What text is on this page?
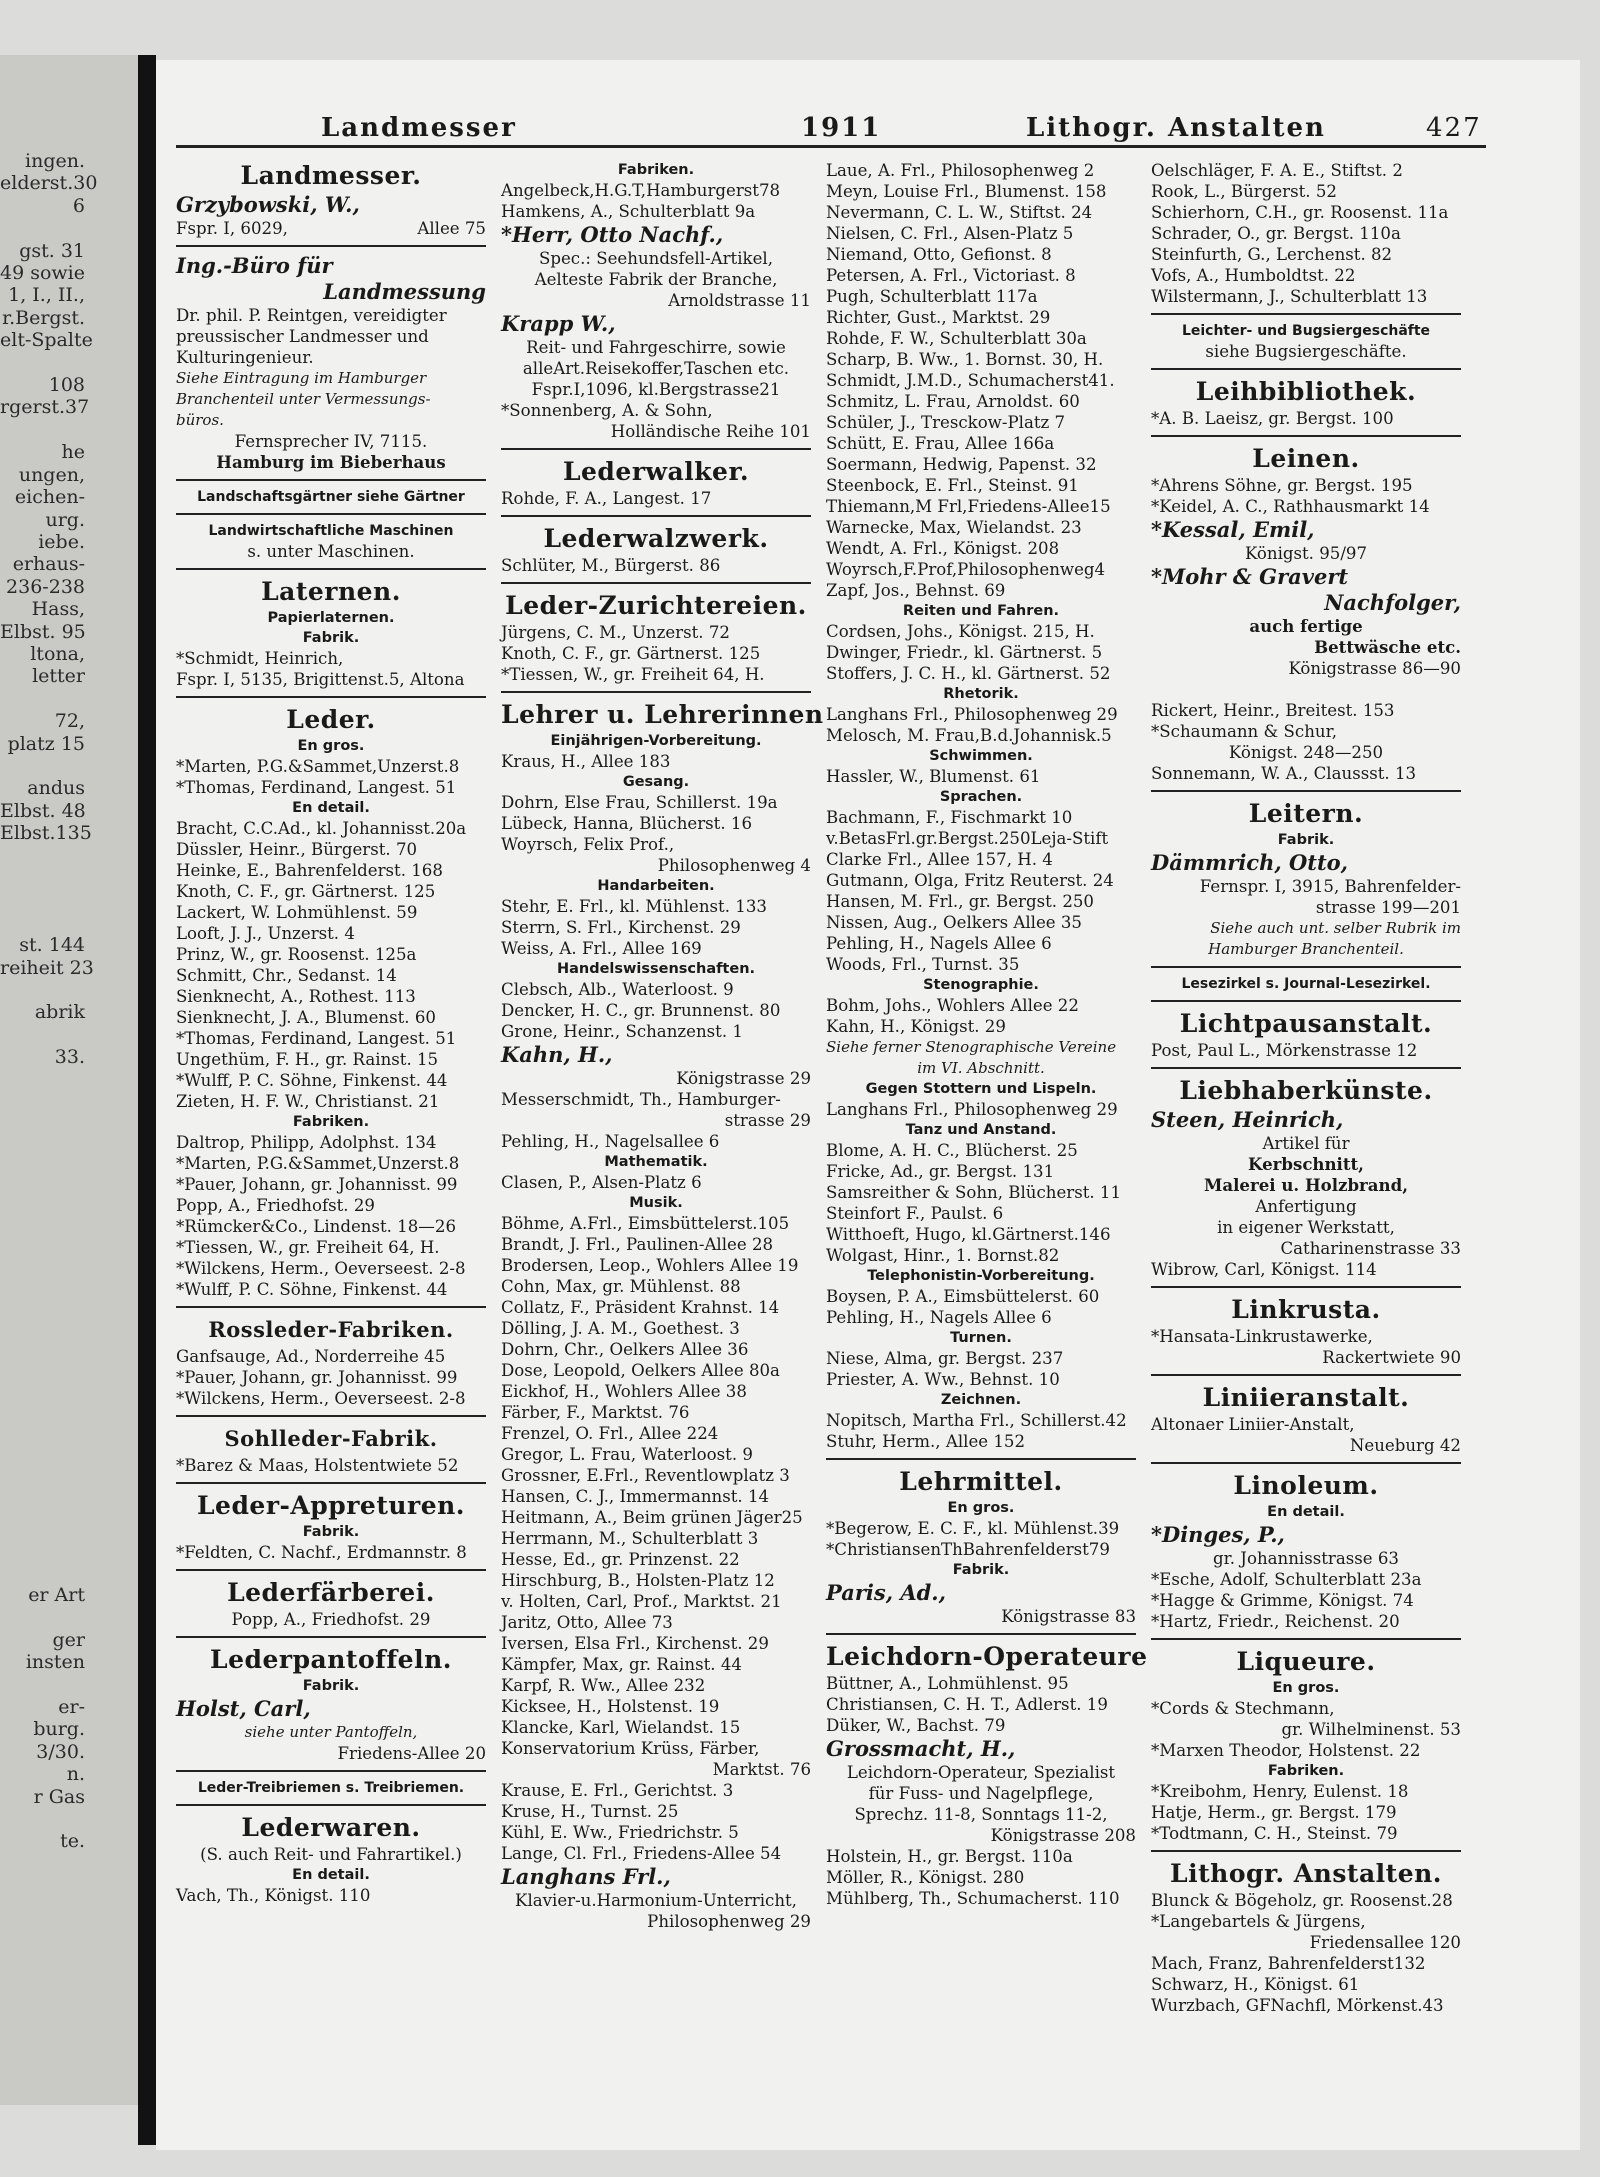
ingen.
elderst.30
6

gst. 31
49 sowie
1, I., II.,
r.Bergst.
elt-Spalte

108
rgerst.37

he
ungen,
eichen-
urg.
iebe.
erhaus-
236-238
Hass,
Elbst. 95
ltona,
letter

72,
platz 15

andus
Elbst. 48
Elbst.135

st. 144
reiheit 23

abrik

33.

er Art

ger
insten

er-
burg.
3/30.
n.
r Gas

te.
Landmesser	1911	Lithogr. Anstalten	427
Landmesser.
Grzybowski, W.,
Fspr. I, 6029,	Allee 75
Ing.-Büro für
Landmessung
Dr. phil. P. Reintgen, vereidigter
preussischer Landmesser und
Kulturingenieur.
Siehe Eintragung im Hamburger
Branchenteil unter Vermessungs-
büros.
Fernsprecher IV, 7115.
Hamburg im Bieberhaus
Landschaftsgärtner siehe Gärtner
Landwirtschaftliche Maschinen
s. unter Maschinen.
Laternen.
Papierlaternen.
Fabrik.
*Schmidt, Heinrich,
Fspr. I, 5135, Brigittenst.5, Altona
Leder.
En gros.
*Marten, P.G.&Sammet,Unzerst.8
*Thomas, Ferdinand, Langest. 51
En detail.
Bracht, C.C.Ad., kl. Johannisst.20a
Düssler, Heinr., Bürgerst. 70
Heinke, E., Bahrenfelderst. 168
Knoth, C. F., gr. Gärtnerst. 125
Lackert, W. Lohmühlenst. 59
Looft, J. J., Unzerst. 4
Prinz, W., gr. Roosenst. 125a
Schmitt, Chr., Sedanst. 14
Sienknecht, A., Rothest. 113
Sienknecht, J. A., Blumenst. 60
*Thomas, Ferdinand, Langest. 51
Ungethüm, F. H., gr. Rainst. 15
*Wulff, P. C. Söhne, Finkenst. 44
Zieten, H. F. W., Christianst. 21
Fabriken.
Daltrop, Philipp, Adolphst. 134
*Marten, P.G.&Sammet,Unzerst.8
*Pauer, Johann, gr. Johannisst. 99
Popp, A., Friedhofst. 29
*Rümcker&Co., Lindenst. 18—26
*Tiessen, W., gr. Freiheit 64, H.
*Wilckens, Herm., Oeverseest. 2-8
*Wulff, P. C. Söhne, Finkenst. 44
Rossleder-Fabriken.
Ganfsauge, Ad., Norderreihe 45
*Pauer, Johann, gr. Johannisst. 99
*Wilckens, Herm., Oeverseest. 2-8
Sohlleder-Fabrik.
*Barez & Maas, Holstentwiete 52
Leder-Appreturen.
Fabrik.
*Feldten, C. Nachf., Erdmannstr. 8
Lederfärberei.
Popp, A., Friedhofst. 29
Lederpantoffeln.
Fabrik.
Holst, Carl,
siehe unter Pantoffeln,
Friedens-Allee 20
Leder-Treibriemen s. Treibriemen.
Lederwaren.
(S. auch Reit- und Fahrartikel.)
En detail.
Vach, Th., Königst. 110
Fabriken.
Angelbeck,H.G.T,Hamburgerst78
Hamkens, A., Schulterblatt 9a
*Herr, Otto Nachf.,
Spec.: Seehundsfell-Artikel,
Aelteste Fabrik der Branche,
Arnoldstrasse 11
Krapp W.,
Reit- und Fahrgeschirre, sowie
alleArt.Reisekoffer,Taschen etc.
Fspr.I,1096, kl.Bergstrasse21
*Sonnenberg, A. & Sohn,
Holländische Reihe 101
Lederwalker.
Rohde, F. A., Langest. 17
Lederwalzwerk.
Schlüter, M., Bürgerst. 86
Leder-Zurichtereien.
Jürgens, C. M., Unzerst. 72
Knoth, C. F., gr. Gärtnerst. 125
*Tiessen, W., gr. Freiheit 64, H.
Lehrer u. Lehrerinnen
Einjährigen-Vorbereitung.
Kraus, H., Allee 183
Gesang.
Dohrn, Else Frau, Schillerst. 19a
Lübeck, Hanna, Blücherst. 16
Woyrsch, Felix Prof.,
Philosophenweg 4
Handarbeiten.
Stehr, E. Frl., kl. Mühlenst. 133
Sterrn, S. Frl., Kirchenst. 29
Weiss, A. Frl., Allee 169
Handelswissenschaften.
Clebsch, Alb., Waterloost. 9
Dencker, H. C., gr. Brunnenst. 80
Grone, Heinr., Schanzenst. 1
Kahn, H.,
Königstrasse 29
Messerschmidt, Th., Hamburger-
strasse 29
Pehling, H., Nagelsallee 6
Mathematik.
Clasen, P., Alsen-Platz 6
Musik.
Böhme, A.Frl., Eimsbüttelerst.105
Brandt, J. Frl., Paulinen-Allee 28
Brodersen, Leop., Wohlers Allee 19
Cohn, Max, gr. Mühlenst. 88
Collatz, F., Präsident Krahnst. 14
Dölling, J. A. M., Goethest. 3
Dohrn, Chr., Oelkers Allee 36
Dose, Leopold, Oelkers Allee 80a
Eickhof, H., Wohlers Allee 38
Färber, F., Marktst. 76
Frenzel, O. Frl., Allee 224
Gregor, L. Frau, Waterloost. 9
Grossner, E.Frl., Reventlowplatz 3
Hansen, C. J., Immermannst. 14
Heitmann, A., Beim grünen Jäger25
Herrmann, M., Schulterblatt 3
Hesse, Ed., gr. Prinzenst. 22
Hirschburg, B., Holsten-Platz 12
v. Holten, Carl, Prof., Marktst. 21
Jaritz, Otto, Allee 73
Iversen, Elsa Frl., Kirchenst. 29
Kämpfer, Max, gr. Rainst. 44
Karpf, R. Ww., Allee 232
Kicksee, H., Holstenst. 19
Klancke, Karl, Wielandst. 15
Konservatorium Krüss, Färber,
Marktst. 76
Krause, E. Frl., Gerichtst. 3
Kruse, H., Turnst. 25
Kühl, E. Ww., Friedrichstr. 5
Lange, Cl. Frl., Friedens-Allee 54
Langhans Frl.,
Klavier-u.Harmonium-Unterricht,
Philosophenweg 29
Laue, A. Frl., Philosophenweg 2
Meyn, Louise Frl., Blumenst. 158
Nevermann, C. L. W., Stiftst. 24
Nielsen, C. Frl., Alsen-Platz 5
Niemand, Otto, Gefionst. 8
Petersen, A. Frl., Victoriast. 8
Pugh, Schulterblatt 117a
Richter, Gust., Marktst. 29
Rohde, F. W., Schulterblatt 30a
Scharp, B. Ww., 1. Bornst. 30, H.
Schmidt, J.M.D., Schumacherst41.
Schmitz, L. Frau, Arnoldst. 60
Schüler, J., Tresckow-Platz 7
Schütt, E. Frau, Allee 166a
Soermann, Hedwig, Papenst. 32
Steenbock, E. Frl., Steinst. 91
Thiemann,M Frl,Friedens-Allee15
Warnecke, Max, Wielandst. 23
Wendt, A. Frl., Königst. 208
Woyrsch,F.Prof,Philosophenweg4
Zapf, Jos., Behnst. 69
Reiten und Fahren.
Cordsen, Johs., Königst. 215, H.
Dwinger, Friedr., kl. Gärtnerst. 5
Stoffers, J. C. H., kl. Gärtnerst. 52
Rhetorik.
Langhans Frl., Philosophenweg 29
Melosch, M. Frau,B.d.Johannisk.5
Schwimmen.
Hassler, W., Blumenst. 61
Sprachen.
Bachmann, F., Fischmarkt 10
v.BetasFrl.gr.Bergst.250Leja-Stift
Clarke Frl., Allee 157, H. 4
Gutmann, Olga, Fritz Reuterst. 24
Hansen, M. Frl., gr. Bergst. 250
Nissen, Aug., Oelkers Allee 35
Pehling, H., Nagels Allee 6
Woods, Frl., Turnst. 35
Stenographie.
Bohm, Johs., Wohlers Allee 22
Kahn, H., Königst. 29
Siehe ferner Stenographische Vereine
im VI. Abschnitt.
Gegen Stottern und Lispeln.
Langhans Frl., Philosophenweg 29
Tanz und Anstand.
Blome, A. H. C., Blücherst. 25
Fricke, Ad., gr. Bergst. 131
Samsreither & Sohn, Blücherst. 11
Steinfort F., Paulst. 6
Witthoeft, Hugo, kl.Gärtnerst.146
Wolgast, Hinr., 1. Bornst.82
Telephonistin-Vorbereitung.
Boysen, P. A., Eimsbüttelerst. 60
Pehling, H., Nagels Allee 6
Turnen.
Niese, Alma, gr. Bergst. 237
Priester, A. Ww., Behnst. 10
Zeichnen.
Nopitsch, Martha Frl., Schillerst.42
Stuhr, Herm., Allee 152
Lehrmittel.
En gros.
*Begerow, E. C. F., kl. Mühlenst.39
*ChristiansenThBahrenfelderst79
Fabrik.
Paris, Ad.,
Königstrasse 83
Leichdorn-Operateure
Büttner, A., Lohmühlenst. 95
Christiansen, C. H. T., Adlerst. 19
Düker, W., Bachst. 79
Grossmacht, H.,
Leichdorn-Operateur, Spezialist
für Fuss- und Nagelpflege,
Sprechz. 11-8, Sonntags 11-2,
Königstrasse 208
Holstein, H., gr. Bergst. 110a
Möller, R., Königst. 280
Mühlberg, Th., Schumacherst. 110
Oelschläger, F. A. E., Stiftst. 2
Rook, L., Bürgerst. 52
Schierhorn, C.H., gr. Roosenst. 11a
Schrader, O., gr. Bergst. 110a
Steinfurth, G., Lerchenst. 82
Vofs, A., Humboldtst. 22
Wilstermann, J., Schulterblatt 13
Leichter- und Bugsiergeschäfte
siehe Bugsiergeschäfte.
Leihbibliothek.
*A. B. Laeisz, gr. Bergst. 100
Leinen.
*Ahrens Söhne, gr. Bergst. 195
*Keidel, A. C., Rathhausmarkt 14
*Kessal, Emil,
Königst. 95/97
*Mohr & Gravert
Nachfolger,
auch fertige
Bettwäsche etc.
Königstrasse 86—90

Rickert, Heinr., Breitest. 153
*Schaumann & Schur,
Königst. 248—250
Sonnemann, W. A., Claussst. 13
Leitern.
Fabrik.
Dämmrich, Otto,
Fernspr. I, 3915, Bahrenfelder-
strasse 199—201
Siehe auch unt. selber Rubrik im
Hamburger Branchenteil.
Lesezirkel s. Journal-Lesezirkel.
Lichtpausanstalt.
Post, Paul L., Mörkenstrasse 12
Liebhaberkünste.
Steen, Heinrich,
Artikel für
Kerbschnitt,
Malerei u. Holzbrand,
Anfertigung
in eigener Werkstatt,
Catharinenstrasse 33
Wibrow, Carl, Königst. 114
Linkrusta.
*Hansata-Linkrustawerke,
Rackertwiete 90
Liniieranstalt.
Altonaer Liniier-Anstalt,
Neueburg 42
Linoleum.
En detail.
*Dinges, P.,
gr. Johannisstrasse 63
*Esche, Adolf, Schulterblatt 23a
*Hagge & Grimme, Königst. 74
*Hartz, Friedr., Reichenst. 20
Liqueure.
En gros.
*Cords & Stechmann,
gr. Wilhelminenst. 53
*Marxen Theodor, Holstenst. 22
Fabriken.
*Kreibohm, Henry, Eulenst. 18
Hatje, Herm., gr. Bergst. 179
*Todtmann, C. H., Steinst. 79
Lithogr. Anstalten.
Blunck & Bögeholz, gr. Roosenst.28
*Langebartels & Jürgens,
Friedensallee 120
Mach, Franz, Bahrenfelderst132
Schwarz, H., Königst. 61
Wurzbach, GFNachfl, Mörkenst.43
